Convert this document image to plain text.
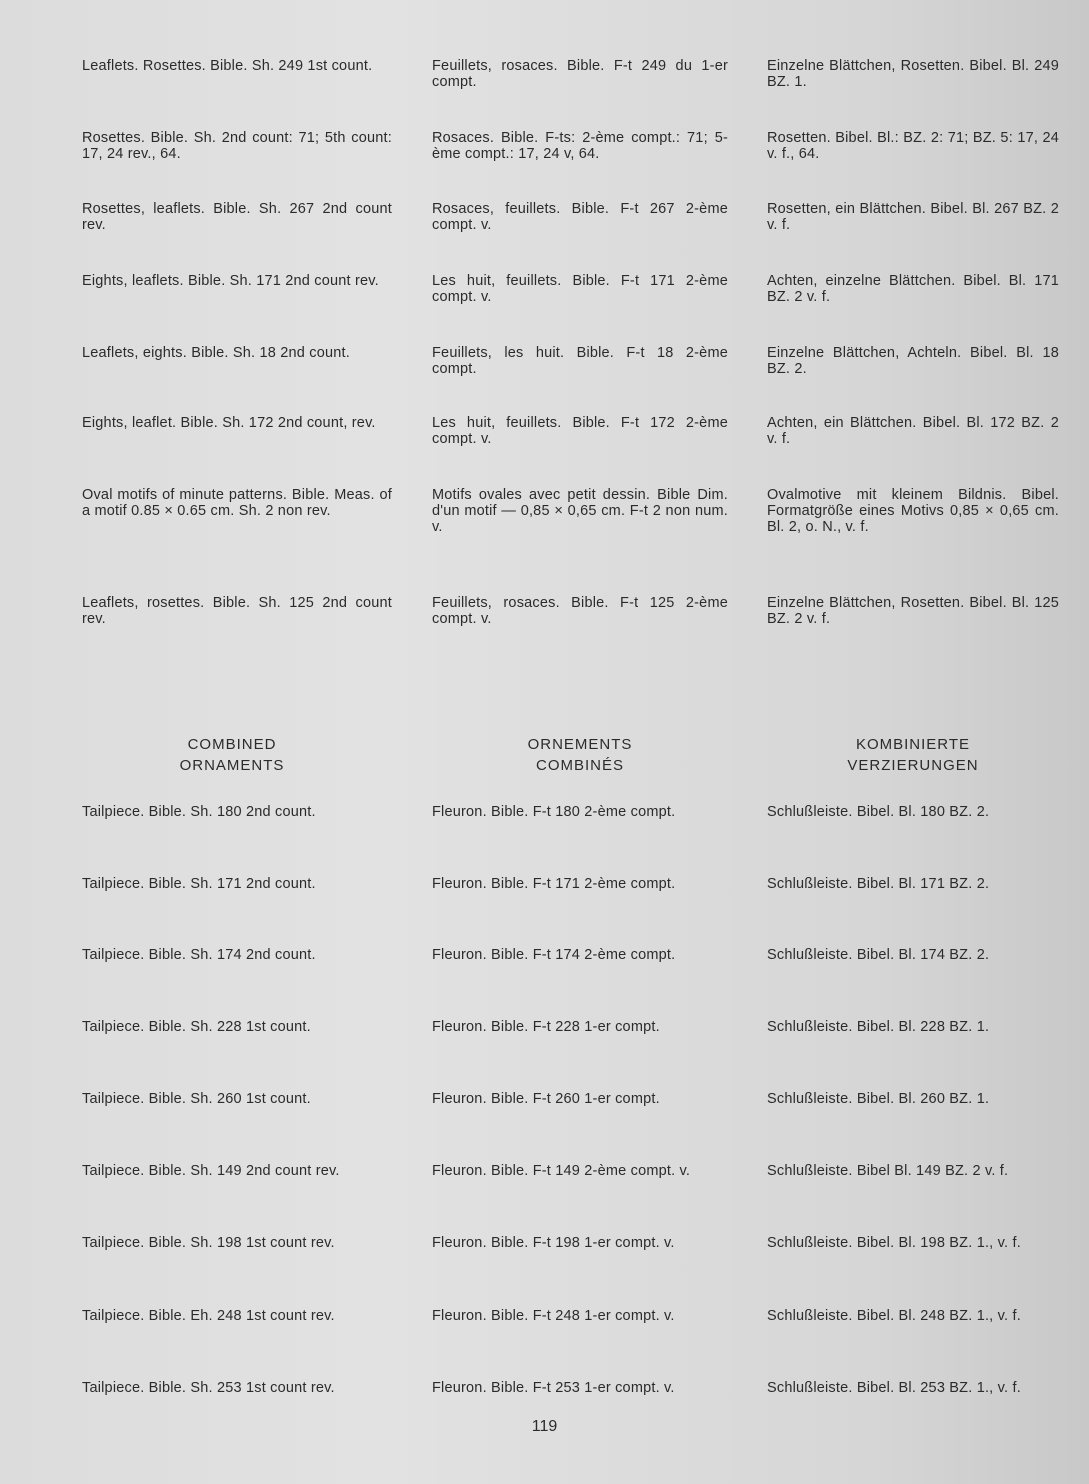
Leaflets. Rosettes. Bible. Sh. 249 1st count.
Rosettes. Bible. Sh. 2nd count: 71; 5th count: 17, 24 rev., 64.
Rosettes, leaflets. Bible. Sh. 267 2nd count rev.
Eights, leaflets. Bible. Sh. 171 2nd count rev.
Leaflets, eights. Bible. Sh. 18 2nd count.
Eights, leaflet. Bible. Sh. 172 2nd count, rev.
Oval motifs of minute patterns. Bible. Meas. of a motif 0.85 × 0.65 cm. Sh. 2 non rev.
Leaflets, rosettes. Bible. Sh. 125 2nd count rev.
Feuillets, rosaces. Bible. F-t 249 du 1-er compt.
Rosaces. Bible. F-ts: 2-ème compt.: 71; 5-ème compt.: 17, 24 v, 64.
Rosaces, feuillets. Bible. F-t 267 2-ème compt. v.
Les huit, feuillets. Bible. F-t 171 2-ème compt. v.
Feuillets, les huit. Bible. F-t 18 2-ème compt.
Les huit, feuillets. Bible. F-t 172 2-ème compt. v.
Motifs ovales avec petit dessin. Bible Dim. d'un motif — 0,85 × 0,65 cm. F-t 2 non num. v.
Feuillets, rosaces. Bible. F-t 125 2-ème compt. v.
Einzelne Blättchen, Rosetten. Bibel. Bl. 249 BZ. 1.
Rosetten. Bibel. Bl.: BZ. 2: 71; BZ. 5: 17, 24 v. f., 64.
Rosetten, ein Blättchen. Bibel. Bl. 267 BZ. 2 v. f.
Achten, einzelne Blättchen. Bibel. Bl. 171 BZ. 2 v. f.
Einzelne Blättchen, Achteln. Bibel. Bl. 18 BZ. 2.
Achten, ein Blättchen. Bibel. Bl. 172 BZ. 2 v. f.
Ovalmotive mit kleinem Bildnis. Bibel. Formatgröße eines Motivs 0,85 × 0,65 cm. Bl. 2, o. N., v. f.
Einzelne Blättchen, Rosetten. Bibel. Bl. 125 BZ. 2 v. f.
COMBINED
ORNAMENTS
ORNEMENTS
COMBINÉS
KOMBINIERTE
VERZIERUNGEN
Tailpiece. Bible. Sh. 180 2nd count.
Tailpiece. Bible. Sh. 171 2nd count.
Tailpiece. Bible. Sh. 174 2nd count.
Tailpiece. Bible. Sh. 228 1st count.
Tailpiece. Bible. Sh. 260 1st count.
Tailpiece. Bible. Sh. 149 2nd count rev.
Tailpiece. Bible. Sh. 198 1st count rev.
Tailpiece. Bible. Eh. 248 1st count rev.
Tailpiece. Bible. Sh. 253 1st count rev.
Fleuron. Bible. F-t 180 2-ème compt.
Fleuron. Bible. F-t 171 2-ème compt.
Fleuron. Bible. F-t 174 2-ème compt.
Fleuron. Bible. F-t 228 1-er compt.
Fleuron. Bible. F-t 260 1-er compt.
Fleuron. Bible. F-t 149 2-ème compt. v.
Fleuron. Bible. F-t 198 1-er compt. v.
Fleuron. Bible. F-t 248 1-er compt. v.
Fleuron. Bible. F-t 253 1-er compt. v.
Schlußleiste. Bibel. Bl. 180 BZ. 2.
Schlußleiste. Bibel. Bl. 171 BZ. 2.
Schlußleiste. Bibel. Bl. 174 BZ. 2.
Schlußleiste. Bibel. Bl. 228 BZ. 1.
Schlußleiste. Bibel. Bl. 260 BZ. 1.
Schlußleiste. Bibel Bl. 149 BZ. 2 v. f.
Schlußleiste. Bibel. Bl. 198 BZ. 1., v. f.
Schlußleiste. Bibel. Bl. 248 BZ. 1., v. f.
Schlußleiste. Bibel. Bl. 253 BZ. 1., v. f.
119
